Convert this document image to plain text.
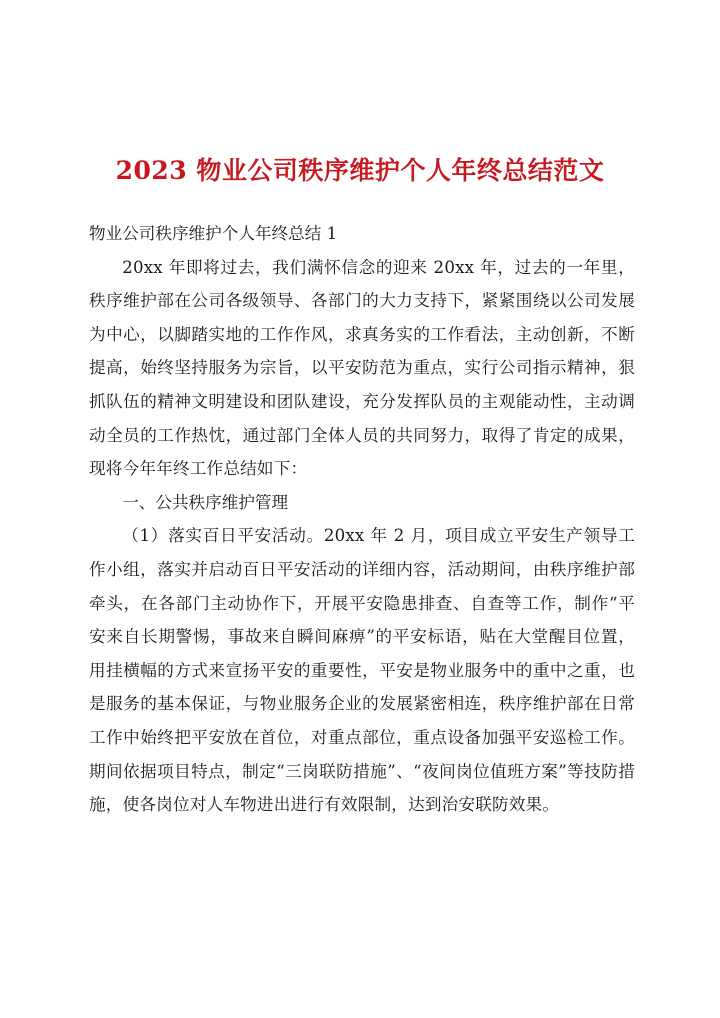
2023 物业公司秩序维护个人年终总结范文

物业公司秩序维护个人年终总结 1

20xx 年即将过去，我们满怀信念的迎来 20xx 年，过去的一年里，秩序维护部在公司各级领导、各部门的大力支持下，紧紧围绕以公司发展为中心，以脚踏实地的工作作风，求真务实的工作看法，主动创新，不断提高，始终坚持服务为宗旨，以平安防范为重点，实行公司指示精神，狠抓队伍的精神文明建设和团队建设，充分发挥队员的主观能动性，主动调动全员的工作热忱，通过部门全体人员的共同努力，取得了肯定的成果，现将今年年终工作总结如下：

一、公共秩序维护管理

（1）落实百日平安活动。20xx 年 2 月，项目成立平安生产领导工作小组，落实并启动百日平安活动的详细内容，活动期间，由秩序维护部牵头，在各部门主动协作下，开展平安隐患排查、自查等工作，制作“平安来自长期警惕，事故来自瞬间麻痹”的平安标语，贴在大堂醒目位置，用挂横幅的方式来宣扬平安的重要性，平安是物业服务中的重中之重，也是服务的基本保证，与物业服务企业的发展紧密相连，秩序维护部在日常工作中始终把平安放在首位，对重点部位，重点设备加强平安巡检工作。期间依据项目特点，制定“三岗联防措施”、“夜间岗位值班方案”等技防措施，使各岗位对人车物进出进行有效限制，达到治安联防效果。
